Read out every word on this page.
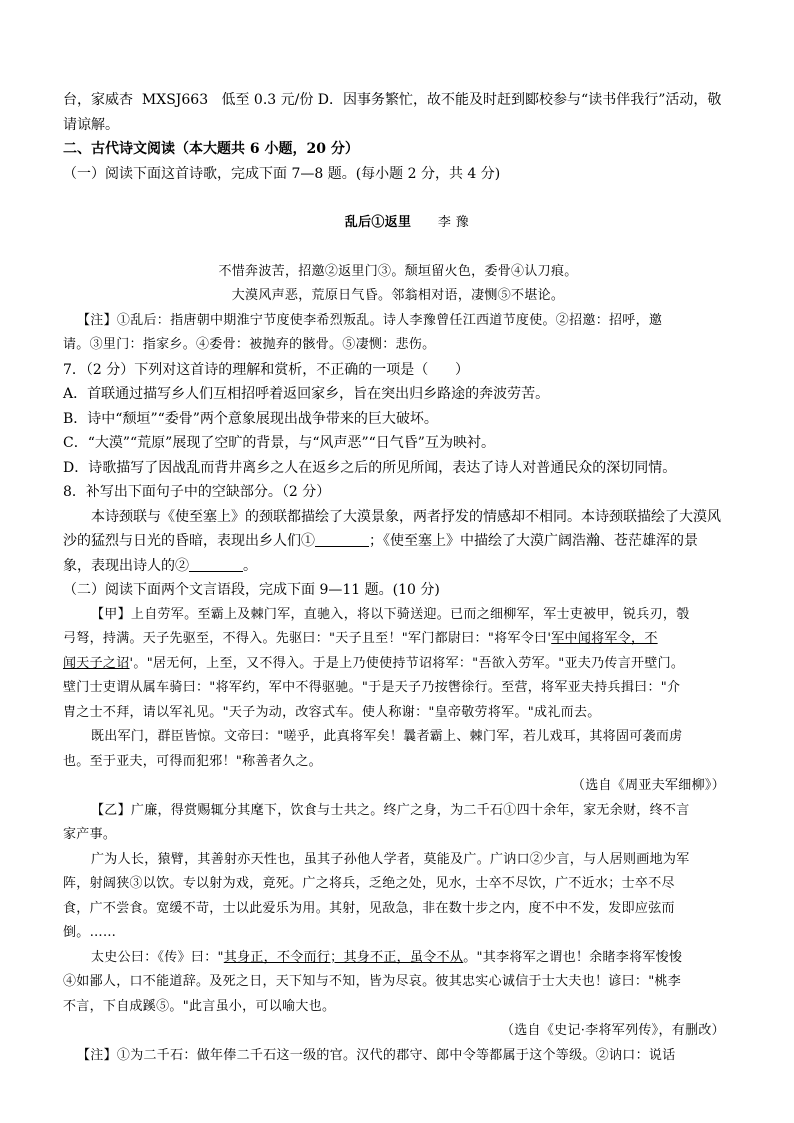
台，家威杏  MXSJ663   低至 0.3 元/份 D．因事务繁忙，故不能及时赶到郾校参与“读书伴我行”活动，敬

请谅解。

二、古代诗文阅读（本大题共 6 小题，20 分）

（一）阅读下面这首诗歌，完成下面 7—8 题。(每小题 2 分，共 4 分)

乱后①返里 李 豫

不惜奔波苦，招邀②返里门③。颓垣留火色，委骨④认刀痕。

大漠风声恶，荒原日气昏。邻翁相对语，凄恻⑤不堪论。

【注】①乱后：指唐朝中期淮宁节度使李希烈叛乱。诗人李豫曾任江西道节度使。②招邀：招呼，邀

请。③里门：指家乡。④委骨：被抛弃的骸骨。⑤凄恻：悲伤。

7．（2 分）下列对这首诗的理解和赏析，不正确的一项是（      ）

A．首联通过描写乡人们互相招呼着返回家乡，旨在突出归乡路途的奔波劳苦。

B．诗中“颓垣”“委骨”两个意象展现出战争带来的巨大破坏。

C．“大漠”“荒原”展现了空旷的背景，与“风声恶”“日气昏”互为映衬。

D．诗歌描写了因战乱而背井离乡之人在返乡之后的所见所闻，表达了诗人对普通民众的深切同情。

8．补写出下面句子中的空缺部分。（2 分）

本诗颈联与《使至塞上》的颈联都描绘了大漠景象，两者抒发的情感却不相同。本诗颈联描绘了大漠风

沙的猛烈与日光的昏暗，表现出乡人们①	；《使至塞上》中描绘了大漠广阔浩瀚、苍茫雄浑的景

象，表现出诗人的②	。

（二）阅读下面两个文言语段，完成下面 9—11 题。(10 分)

【甲】上自劳军。至霸上及棘门军，直驰入，将以下骑送迎。已而之细柳军，军士吏被甲，锐兵刃，彀

弓弩，持满。天子先驱至，不得入。先驱曰："天子且至！"军门都尉曰："将军令曰'军中闻将军令，不

闻天子之诏'。"居无何，上至，又不得入。于是上乃使使持节诏将军："吾欲入劳军。"亚夫乃传言开壁门。

壁门士吏谓从属车骑曰："将军约，军中不得驱驰。"于是天子乃按辔徐行。至营，将军亚夫持兵揖曰："介

胄之士不拜，请以军礼见。"天子为动，改容式车。使人称谢："皇帝敬劳将军。"成礼而去。

既出军门，群臣皆惊。文帝曰："嗟乎，此真将军矣！曩者霸上、棘门军，若儿戏耳，其将固可袭而虏

也。至于亚夫，可得而犯邪！"称善者久之。

（选自《周亚夫军细柳》）

【乙】广廉，得赏赐辄分其麾下，饮食与士共之。终广之身，为二千石①四十余年，家无余财，终不言

家产事。

广为人长，猿臂，其善射亦天性也，虽其子孙他人学者，莫能及广。广讷口②少言，与人居则画地为军

阵，射阔狭③以饮。专以射为戏，竟死。广之将兵，乏绝之处，见水，士卒不尽饮，广不近水；士卒不尽

食，广不尝食。宽缓不苛，士以此爱乐为用。其射，见敌急，非在数十步之内，度不中不发，发即应弦而

倒。……

太史公曰：《传》曰："其身正，不令而行；其身不正，虽令不从。"其李将军之谓也！余睹李将军悛悛

④如鄙人，口不能道辞。及死之日，天下知与不知，皆为尽哀。彼其忠实心诚信于士大夫也！谚曰："桃李

不言，下自成蹊⑤。"此言虽小，可以喻大也。

（选自《史记·李将军列传》，有删改）

【注】①为二千石：做年俸二千石这一级的官。汉代的郡守、郎中令等都属于这个等级。②讷口：说话
